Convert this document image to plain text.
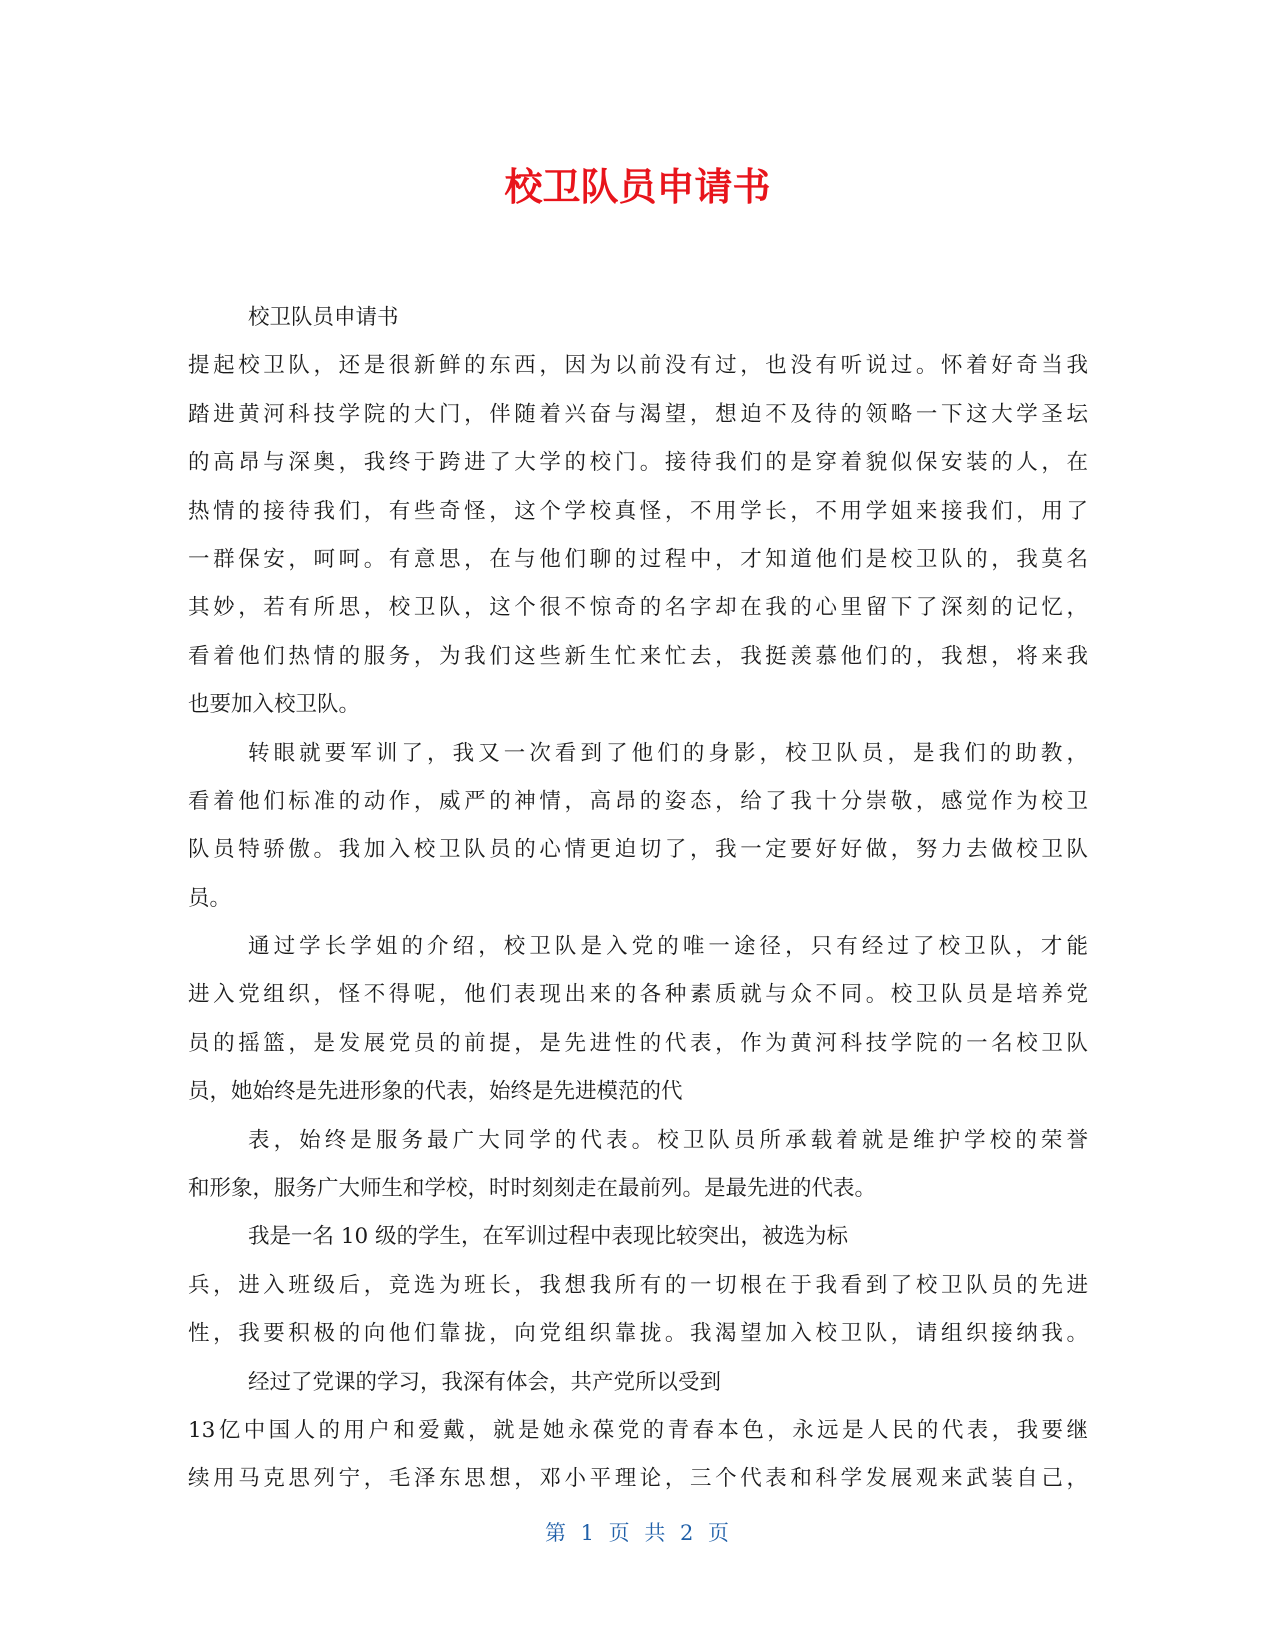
校卫队员申请书
校卫队员申请书
提起校卫队，还是很新鲜的东西，因为以前没有过，也没有听说过。怀着好奇当我
踏进黄河科技学院的大门，伴随着兴奋与渴望，想迫不及待的领略一下这大学圣坛
的高昂与深奥，我终于跨进了大学的校门。接待我们的是穿着貌似保安装的人，在
热情的接待我们，有些奇怪，这个学校真怪，不用学长，不用学姐来接我们，用了
一群保安，呵呵。有意思，在与他们聊的过程中，才知道他们是校卫队的，我莫名
其妙，若有所思，校卫队，这个很不惊奇的名字却在我的心里留下了深刻的记忆，
看着他们热情的服务，为我们这些新生忙来忙去，我挺羡慕他们的，我想，将来我
也要加入校卫队。
转眼就要军训了，我又一次看到了他们的身影，校卫队员，是我们的助教，
看着他们标准的动作，威严的神情，高昂的姿态，给了我十分崇敬，感觉作为校卫
队员特骄傲。我加入校卫队员的心情更迫切了，我一定要好好做，努力去做校卫队
员。
通过学长学姐的介绍，校卫队是入党的唯一途径，只有经过了校卫队，才能
进入党组织，怪不得呢，他们表现出来的各种素质就与众不同。校卫队员是培养党
员的摇篮，是发展党员的前提，是先进性的代表，作为黄河科技学院的一名校卫队
员，她始终是先进形象的代表，始终是先进模范的代
表，始终是服务最广大同学的代表。校卫队员所承载着就是维护学校的荣誉
和形象，服务广大师生和学校，时时刻刻走在最前列。是最先进的代表。
我是一名 10 级的学生，在军训过程中表现比较突出，被选为标
兵，进入班级后，竞选为班长，我想我所有的一切根在于我看到了校卫队员的先进
性，我要积极的向他们靠拢，向党组织靠拢。我渴望加入校卫队，请组织接纳我。
经过了党课的学习，我深有体会，共产党所以受到
13亿中国人的用户和爱戴，就是她永葆党的青春本色，永远是人民的代表，我要继
续用马克思列宁，毛泽东思想，邓小平理论，三个代表和科学发展观来武装自己，
第 1 页 共 2 页
